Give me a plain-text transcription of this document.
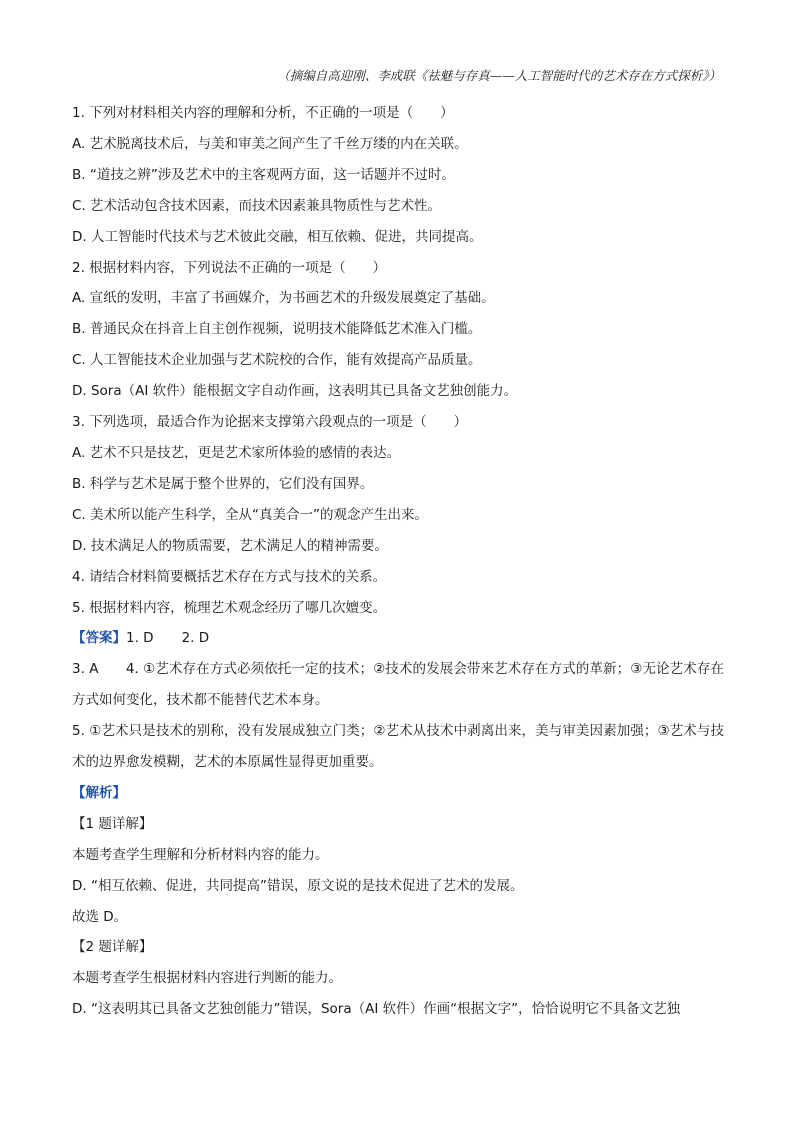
（摘编自高迎刚、李成联《祛魅与存真——人工智能时代的艺术存在方式探析》）

1. 下列对材料相关内容的理解和分析，不正确的一项是（　　）

A. 艺术脱离技术后，与美和审美之间产生了千丝万缕的内在关联。

B. “道技之辨”涉及艺术中的主客观两方面，这一话题并不过时。

C. 艺术活动包含技术因素，而技术因素兼具物质性与艺术性。

D. 人工智能时代技术与艺术彼此交融，相互依赖、促进，共同提高。

2. 根据材料内容，下列说法不正确的一项是（　　）

A. 宣纸的发明，丰富了书画媒介，为书画艺术的升级发展奠定了基础。

B. 普通民众在抖音上自主创作视频，说明技术能降低艺术准入门槛。

C. 人工智能技术企业加强与艺术院校的合作，能有效提高产品质量。

D. Sora（AI 软件）能根据文字自动作画，这表明其已具备文艺独创能力。

3. 下列选项，最适合作为论据来支撑第六段观点的一项是（　　）

A. 艺术不只是技艺，更是艺术家所体验的感情的表达。

B. 科学与艺术是属于整个世界的，它们没有国界。

C. 美术所以能产生科学，全从“真美合一”的观念产生出来。

D. 技术满足人的物质需要，艺术满足人的精神需要。

4. 请结合材料简要概括艺术存在方式与技术的关系。

5. 根据材料内容，梳理艺术观念经历了哪几次嬗变。

【答案】1. D 2. D

3. A　　4. ①艺术存在方式必须依托一定的技术；②技术的发展会带来艺术存在方式的革新；③无论艺术存在方式如何变化，技术都不能替代艺术本身。

5. ①艺术只是技术的别称，没有发展成独立门类；②艺术从技术中剥离出来，美与审美因素加强；③艺术与技术的边界愈发模糊，艺术的本原属性显得更加重要。

【解析】

【1 题详解】

本题考查学生理解和分析材料内容的能力。

D. “相互依赖、促进，共同提高”错误，原文说的是技术促进了艺术的发展。

故选 D。

【2 题详解】

本题考查学生根据材料内容进行判断的能力。

D. “这表明其已具备文艺独创能力”错误，Sora（AI 软件）作画“根据文字”，恰恰说明它不具备文艺独
